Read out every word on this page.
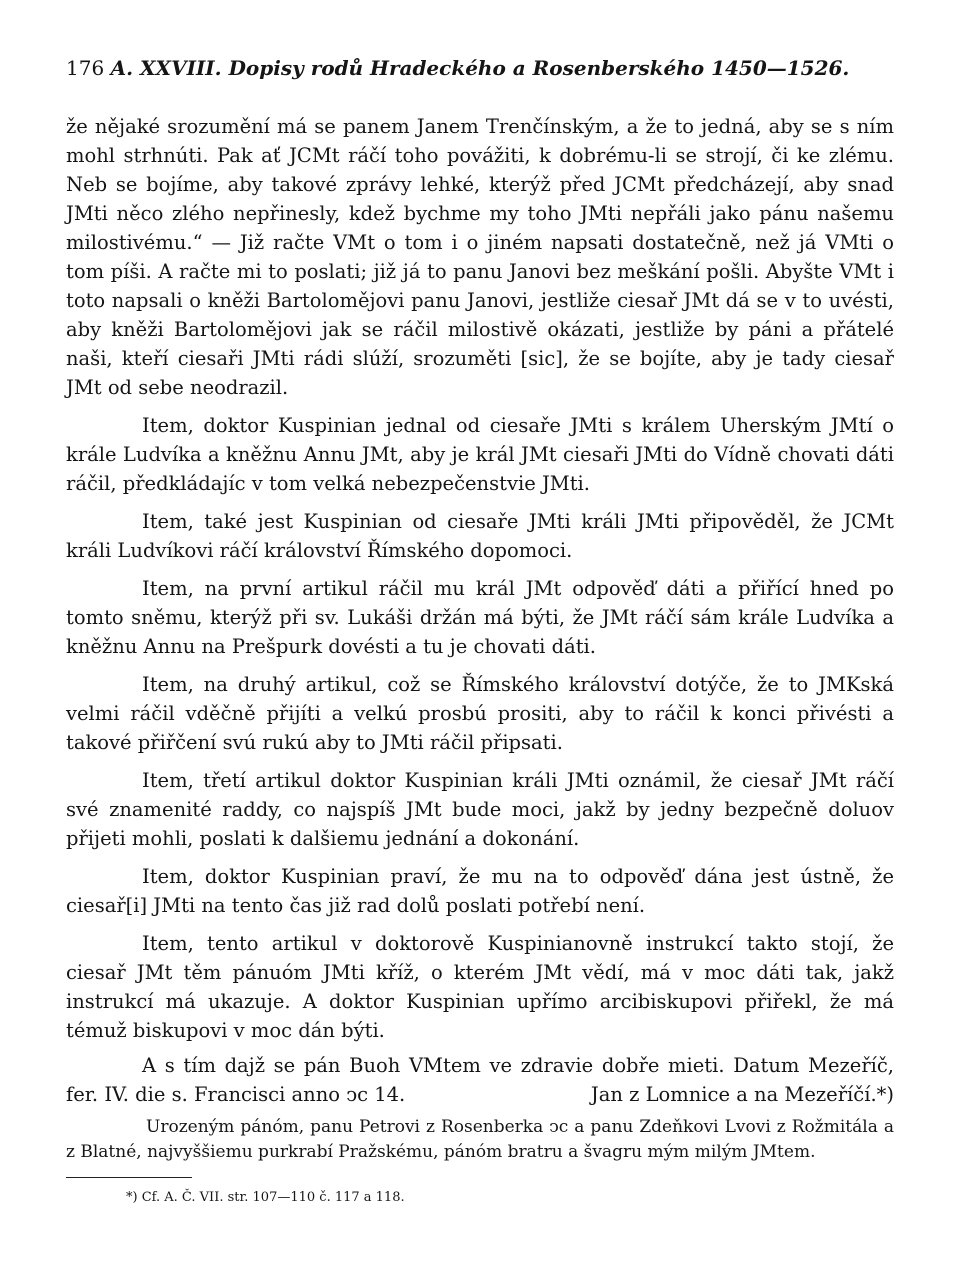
176 A. XXVIII. Dopisy rodů Hradeckého a Rosenberského 1450—1526.

že nějaké srozumění má se panem Janem Trenčínským, a že to jedná, aby se s ním mohl strhnúti. Pak ať JCMt ráčí toho povážiti, k dobrému-li se strojí, či ke zlému. Neb se bojíme, aby takové zprávy lehké, kterýž před JCMt předcházejí, aby snad JMti něco zlého nepřinesly, kdež bychme my toho JMti nepřáli jako pánu našemu milostivému.“ — Již račte VMt o tom i o jiném napsati dostatečně, než já VMti o tom píši. A račte mi to poslati; již já to panu Janovi bez meškání pošli. Abyšte VMt i toto napsali o kněži Bartolomějovi panu Janovi, jestliže ciesař JMt dá se v to uvésti, aby kněži Bartolomějovi jak se ráčil milostivě okázati, jestliže by páni a přátelé naši, kteří ciesaři JMti rádi slúží, srozuměti [sic], že se bojíte, aby je tady ciesař JMt od sebe neodrazil.

Item, doktor Kuspinian jednal od ciesaře JMti s králem Uherským JMtí o krále Ludvíka a kněžnu Annu JMt, aby je král JMt ciesaři JMti do Vídně chovati dáti ráčil, předkládajíc v tom velká nebezpečenstvie JMti.

Item, také jest Kuspinian od ciesaře JMti králi JMti připověděl, že JCMt králi Ludvíkovi ráčí království Římského dopomoci.

Item, na první artikul ráčil mu král JMt odpověď dáti a přiřící hned po tomto sněmu, kterýž při sv. Lukáši držán má býti, že JMt ráčí sám krále Ludvíka a kněžnu Annu na Prešpurk dovésti a tu je chovati dáti.

Item, na druhý artikul, což se Římského království dotýče, že to JMKská velmi ráčil vděčně přijíti a velkú prosbú prositi, aby to ráčil k konci přivésti a takové přiřčení svú rukú aby to JMti ráčil připsati.

Item, třetí artikul doktor Kuspinian králi JMti oznámil, že ciesař JMt ráčí své znamenité raddy, co najspíš JMt bude moci, jakž by jedny bezpečně doluov přijeti mohli, poslati k dalšiemu jednání a dokonání.

Item, doktor Kuspinian praví, že mu na to odpověď dána jest ústně, že ciesař[i] JMti na tento čas již rad dolů poslati potřebí není.

Item, tento artikul v doktorově Kuspinianovně instrukcí takto stojí, že ciesař JMt těm pánuóm JMti kříž, o kterém JMt vědí, má v moc dáti tak, jakž instrukcí má ukazuje. A doktor Kuspinian upřímo arcibiskupovi přiřekl, že má témuž biskupovi v moc dán býti.

A s tím dajž se pán Buoh VMtem ve zdravie dobře mieti. Datum Mezeříč, fer. IV. die s. Francisci anno ͻc 14.	Jan z Lomnice a na Mezeříčí.*)

Urozeným pánóm, panu Petrovi z Rosenberka ͻc a panu Zdeňkovi Lvovi z Rožmitála a z Blatné, najvyššiemu purkrabí Pražskému, pánóm bratru a švagru mým milým JMtem.

*) Cf. A. Č. VII. str. 107—110 č. 117 a 118.
